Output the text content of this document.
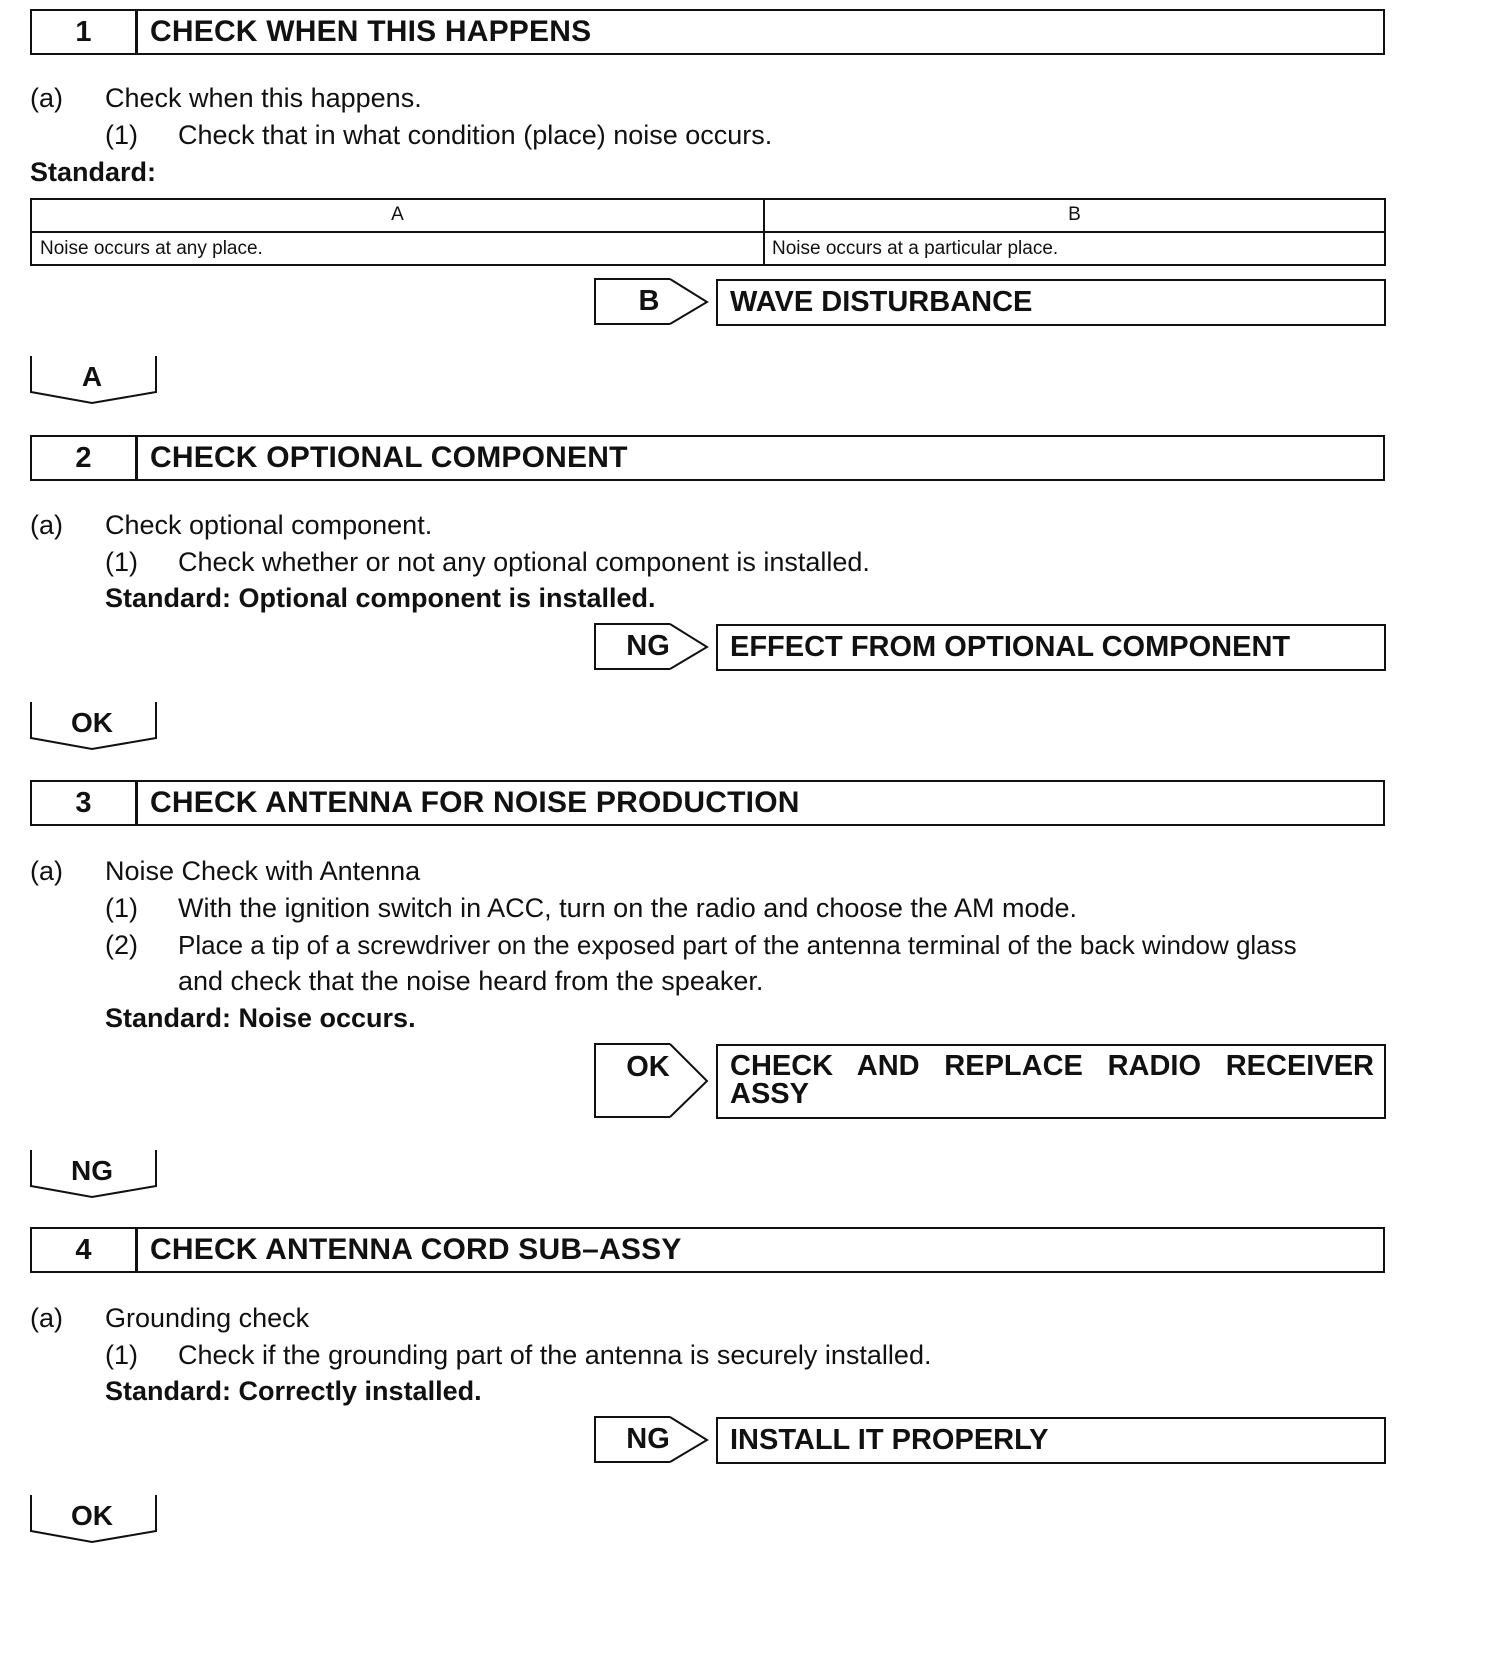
1	CHECK WHEN THIS HAPPENS
(a) Check when this happens.
(1) Check that in what condition (place) noise occurs.
Standard:
A	B
Noise occurs at any place.	Noise occurs at a particular place.
B	WAVE DISTURBANCE
A
2	CHECK OPTIONAL COMPONENT
(a) Check optional component.
(1) Check whether or not any optional component is installed.
Standard: Optional component is installed.
NG	EFFECT FROM OPTIONAL COMPONENT
OK
3	CHECK ANTENNA FOR NOISE PRODUCTION
(a) Noise Check with Antenna
(1) With the ignition switch in ACC, turn on the radio and choose the AM mode.
(2) Place a tip of a screwdriver on the exposed part of the antenna terminal of the back window glass
and check that the noise heard from the speaker.
Standard: Noise occurs.
OK	CHECK AND REPLACE RADIO RECEIVER
ASSY
NG
4	CHECK ANTENNA CORD SUB–ASSY
(a) Grounding check
(1) Check if the grounding part of the antenna is securely installed.
Standard: Correctly installed.
NG	INSTALL IT PROPERLY
OK
